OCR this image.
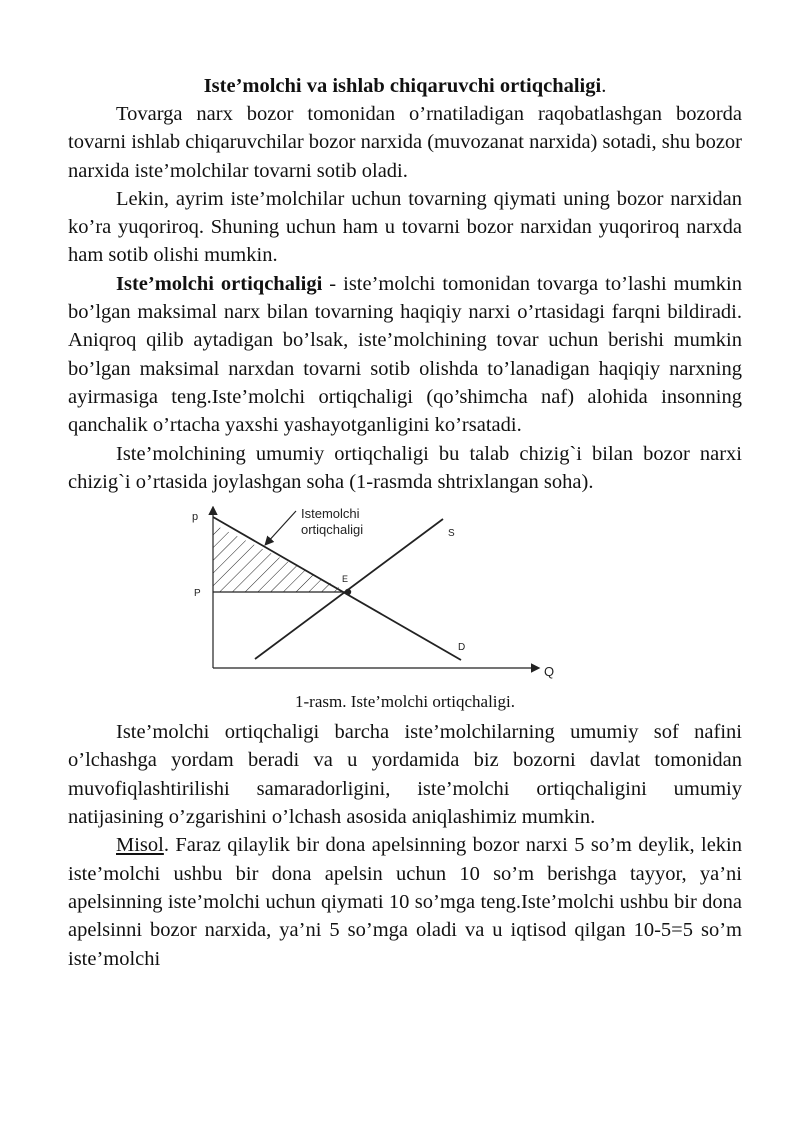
Iste’molchi va ishlab chiqaruvchi ortiqchaligi.

Tovarga narx bozor tomonidan o’rnatiladigan raqobatlashgan bozorda tovarni ishlab chiqaruvchilar bozor narxida (muvozanat narxida) sotadi, shu bozor narxida iste’molchilar tovarni sotib oladi.

Lekin, ayrim iste’molchilar uchun tovarning qiymati uning bozor narxidan ko’ra yuqoriroq. Shuning uchun ham u tovarni bozor narxidan yuqoriroq narxda ham sotib olishi mumkin.

Iste’molchi ortiqchaligi - iste’molchi tomonidan tovarga to’lashi mumkin bo’lgan maksimal narx bilan tovarning haqiqiy narxi o’rtasidagi farqni bildiradi. Aniqroq qilib aytadigan bo’lsak, iste’molchining tovar uchun berishi mumkin bo’lgan maksimal narxdan tovarni sotib olishda to’lanadigan haqiqiy narxning ayirmasiga teng.Iste’molchi ortiqchaligi (qo’shimcha naf) alohida insonning qanchalik o’rtacha yaxshi yashayotganligini ko’rsatadi.

Iste’molchining umumiy ortiqchaligi bu talab chizig`i bilan bozor narxi chizig`i o’rtasida joylashgan soha (1-rasmda shtrixlangan soha).

p
Q
P
Istemolchi
ortiqchaligi
E
S
D
1-rasm. Iste’molchi ortiqchaligi.

Iste’molchi ortiqchaligi barcha iste’molchilarning umumiy sof nafini o’lchashga yordam beradi va u yordamida biz bozorni davlat tomonidan muvofiqlashtirilishi samaradorligini, iste’molchi ortiqchaligini umumiy natijasining o’zgarishini o’lchash asosida aniqlashimiz mumkin.

Misol. Faraz qilaylik bir dona apelsinning bozor narxi 5 so’m deylik, lekin iste’molchi ushbu bir dona apelsin uchun 10 so’m berishga tayyor, ya’ni apelsinning iste’molchi uchun qiymati 10 so’mga teng.Iste’molchi ushbu bir dona apelsinni bozor narxida, ya’ni 5 so’mga oladi va u iqtisod qilgan 10-5=5 so’m iste’molchi
